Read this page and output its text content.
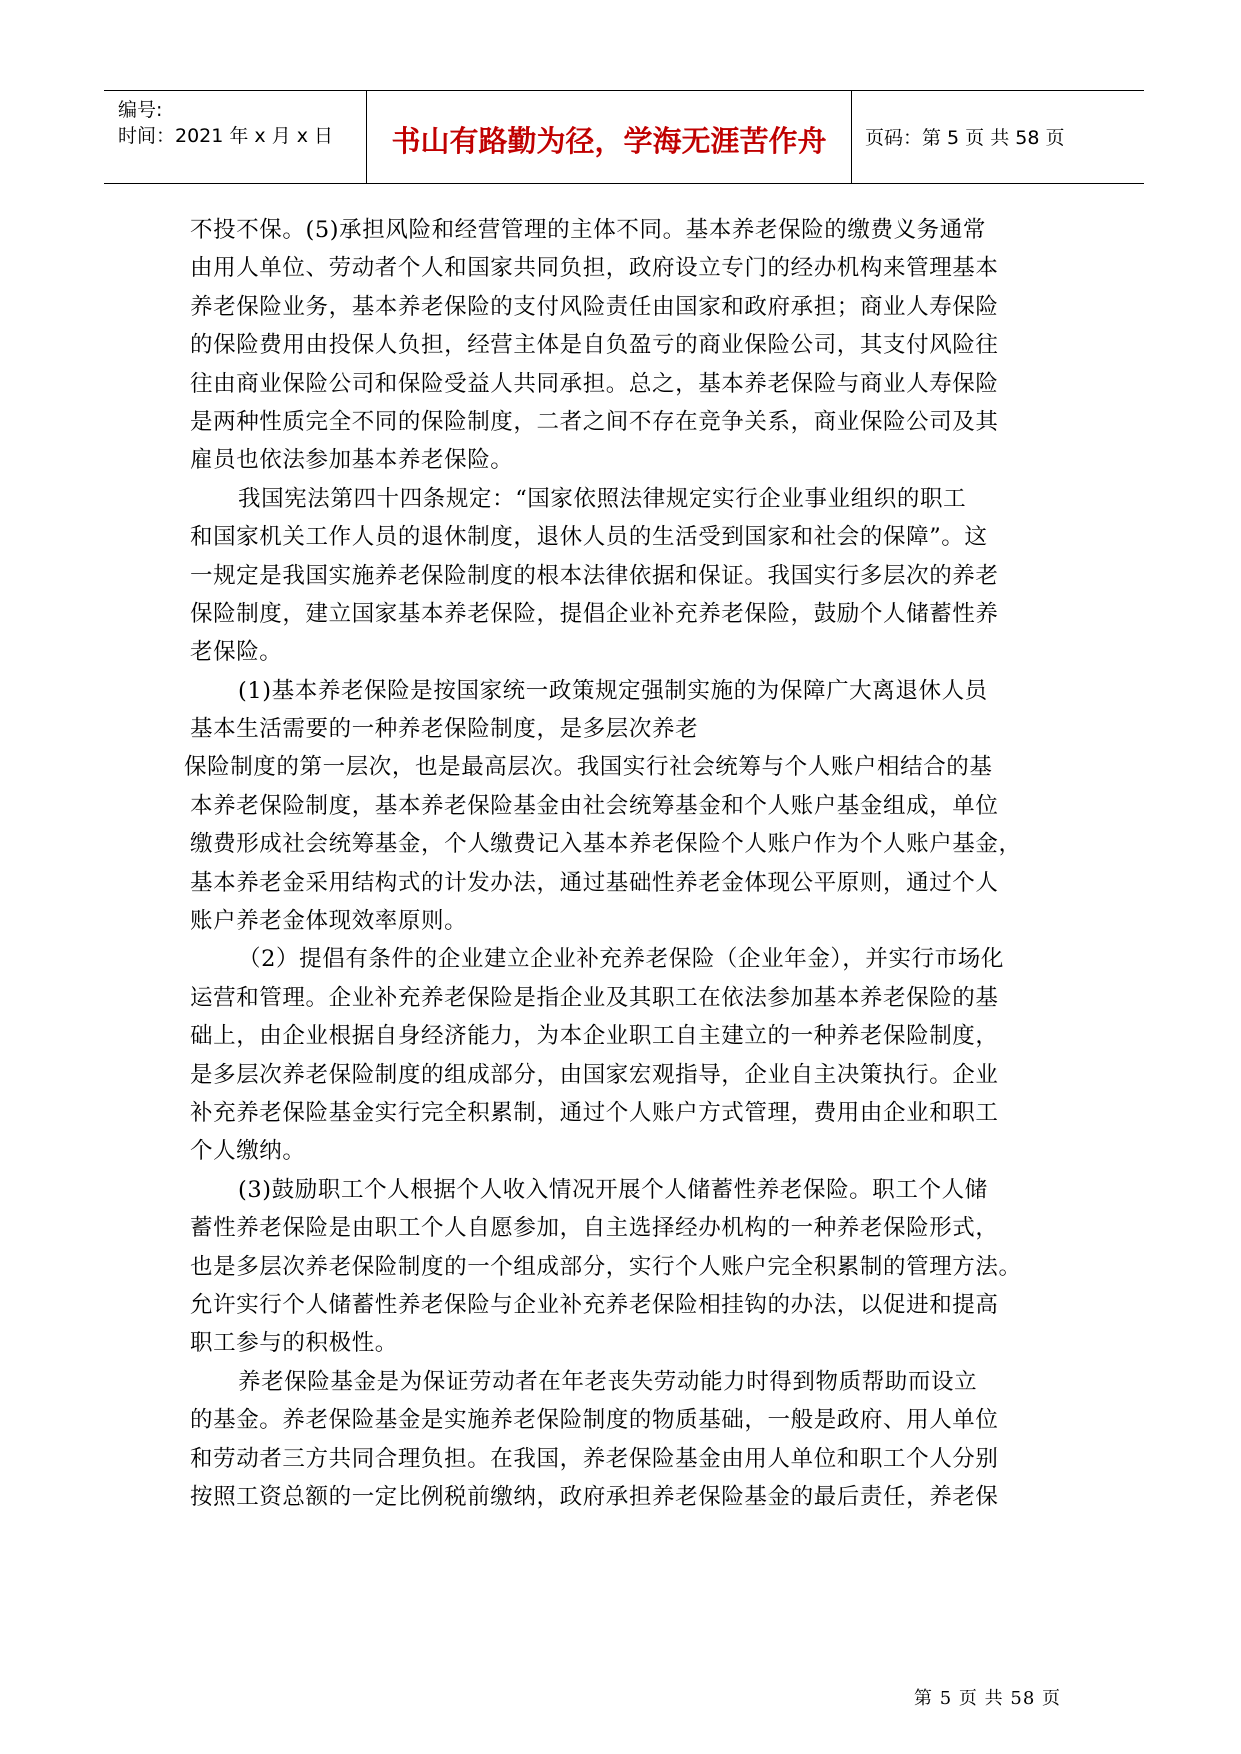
编号:
时间：2021 年 x 月 x 日	书山有路勤为径，学海无涯苦作舟	页码：第 5 页 共 58 页
不投不保。(5)承担风险和经营管理的主体不同。基本养老保险的缴费义务通常
由用人单位、劳动者个人和国家共同负担，政府设立专门的经办机构来管理基本
养老保险业务，基本养老保险的支付风险责任由国家和政府承担；商业人寿保险
的保险费用由投保人负担，经营主体是自负盈亏的商业保险公司，其支付风险往
往由商业保险公司和保险受益人共同承担。总之，基本养老保险与商业人寿保险
是两种性质完全不同的保险制度，二者之间不存在竞争关系，商业保险公司及其
雇员也依法参加基本养老保险。
我国宪法第四十四条规定：“国家依照法律规定实行企业事业组织的职工
和国家机关工作人员的退休制度，退休人员的生活受到国家和社会的保障”。这
一规定是我国实施养老保险制度的根本法律依据和保证。我国实行多层次的养老
保险制度，建立国家基本养老保险，提倡企业补充养老保险，鼓励个人储蓄性养
老保险。
(1)基本养老保险是按国家统一政策规定强制实施的为保障广大离退休人员
基本生活需要的一种养老保险制度，是多层次养老
保险制度的第一层次，也是最高层次。我国实行社会统筹与个人账户相结合的基
本养老保险制度，基本养老保险基金由社会统筹基金和个人账户基金组成，单位
缴费形成社会统筹基金，个人缴费记入基本养老保险个人账户作为个人账户基金，
基本养老金采用结构式的计发办法，通过基础性养老金体现公平原则，通过个人
账户养老金体现效率原则。
（2）提倡有条件的企业建立企业补充养老保险（企业年金），并实行市场化
运营和管理。企业补充养老保险是指企业及其职工在依法参加基本养老保险的基
础上，由企业根据自身经济能力，为本企业职工自主建立的一种养老保险制度，
是多层次养老保险制度的组成部分，由国家宏观指导，企业自主决策执行。企业
补充养老保险基金实行完全积累制，通过个人账户方式管理，费用由企业和职工
个人缴纳。
(3)鼓励职工个人根据个人收入情况开展个人储蓄性养老保险。职工个人储
蓄性养老保险是由职工个人自愿参加，自主选择经办机构的一种养老保险形式，
也是多层次养老保险制度的一个组成部分，实行个人账户完全积累制的管理方法。
允许实行个人储蓄性养老保险与企业补充养老保险相挂钩的办法，以促进和提高
职工参与的积极性。
养老保险基金是为保证劳动者在年老丧失劳动能力时得到物质帮助而设立
的基金。养老保险基金是实施养老保险制度的物质基础，一般是政府、用人单位
和劳动者三方共同合理负担。在我国，养老保险基金由用人单位和职工个人分别
按照工资总额的一定比例税前缴纳，政府承担养老保险基金的最后责任，养老保
第 5 页 共 58 页
